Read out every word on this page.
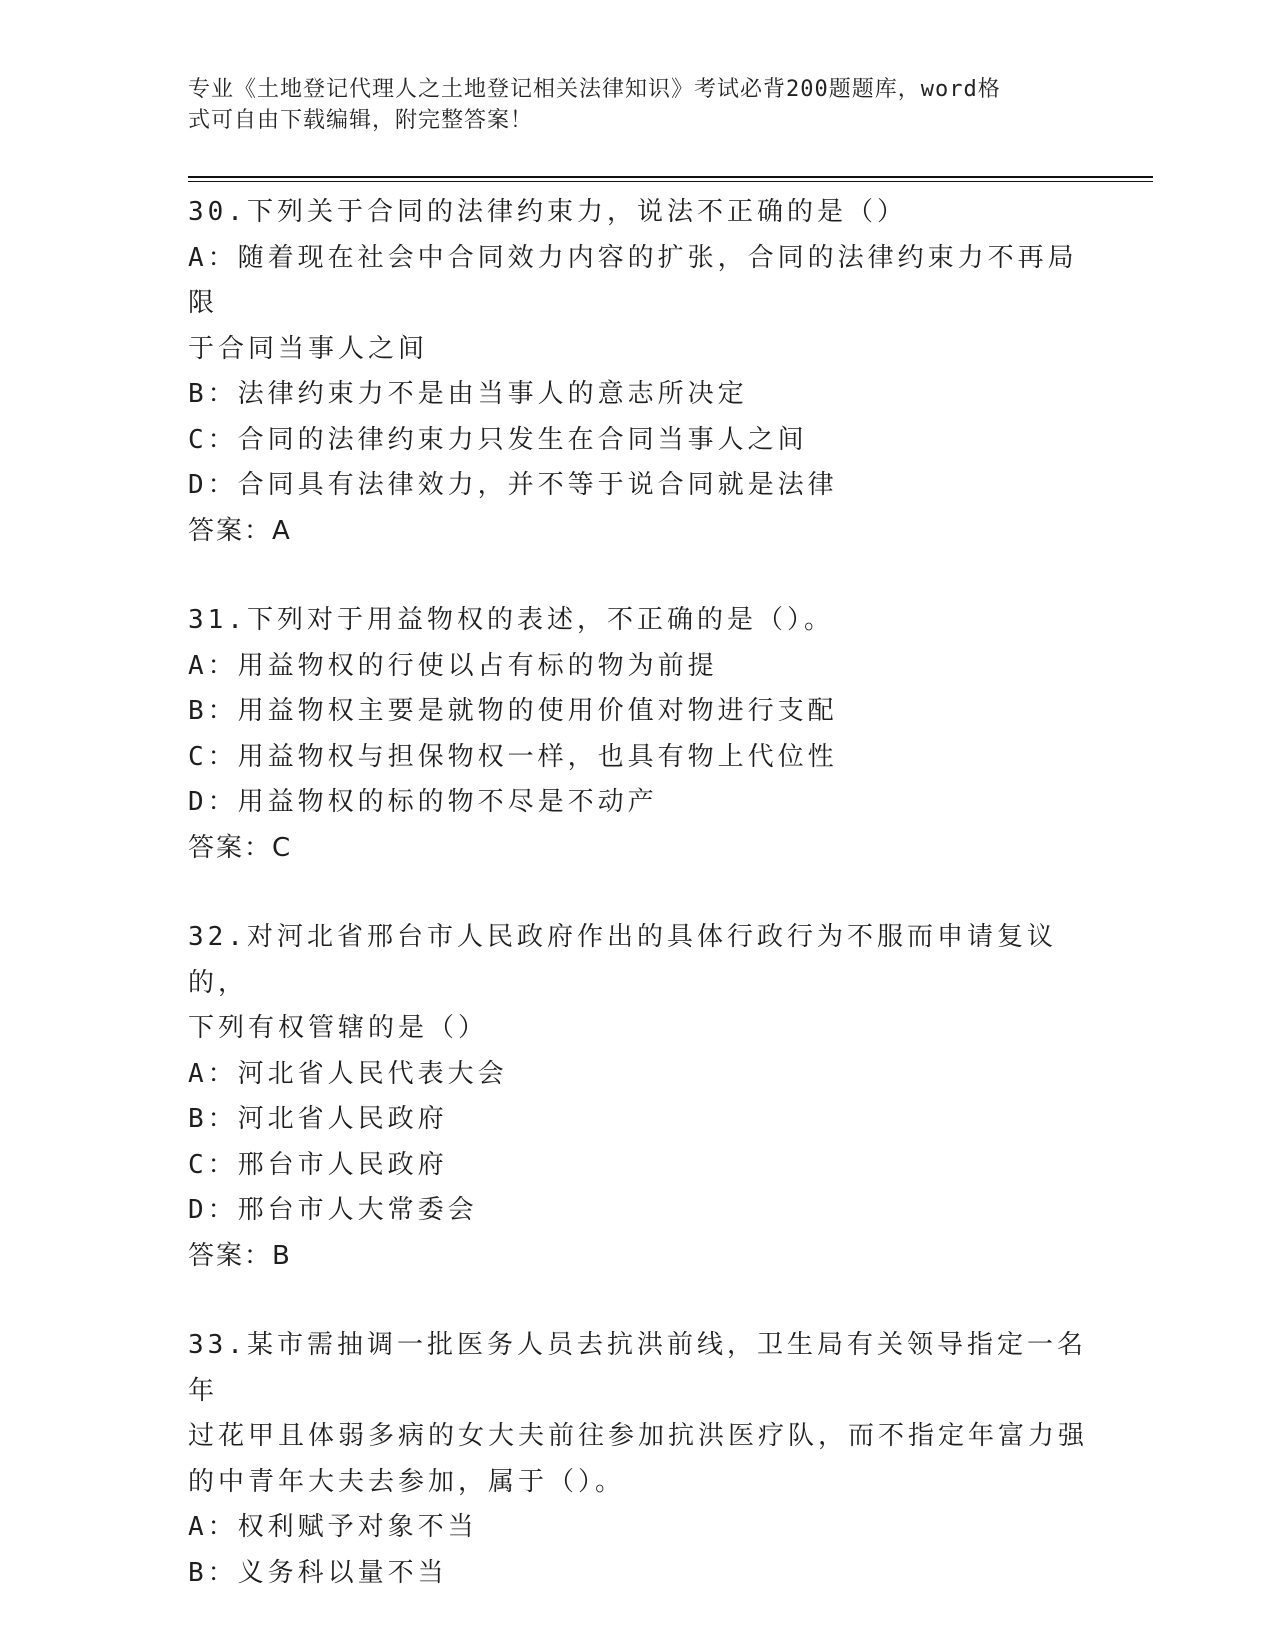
专业《土地登记代理人之土地登记相关法律知识》考试必背200题题库，word格
式可自由下载编辑，附完整答案！
30.下列关于合同的法律约束力，说法不正确的是（）
A：随着现在社会中合同效力内容的扩张，合同的法律约束力不再局限
于合同当事人之间
B：法律约束力不是由当事人的意志所决定
C：合同的法律约束力只发生在合同当事人之间
D：合同具有法律效力，并不等于说合同就是法律
答案：A
31.下列对于用益物权的表述，不正确的是（）。
A：用益物权的行使以占有标的物为前提
B：用益物权主要是就物的使用价值对物进行支配
C：用益物权与担保物权一样，也具有物上代位性
D：用益物权的标的物不尽是不动产
答案：C
32.对河北省邢台市人民政府作出的具体行政行为不服而申请复议的，
下列有权管辖的是（）
A：河北省人民代表大会
B：河北省人民政府
C：邢台市人民政府
D：邢台市人大常委会
答案：B
33.某市需抽调一批医务人员去抗洪前线，卫生局有关领导指定一名年
过花甲且体弱多病的女大夫前往参加抗洪医疗队，而不指定年富力强
的中青年大夫去参加，属于（）。
A：权利赋予对象不当
B：义务科以量不当
